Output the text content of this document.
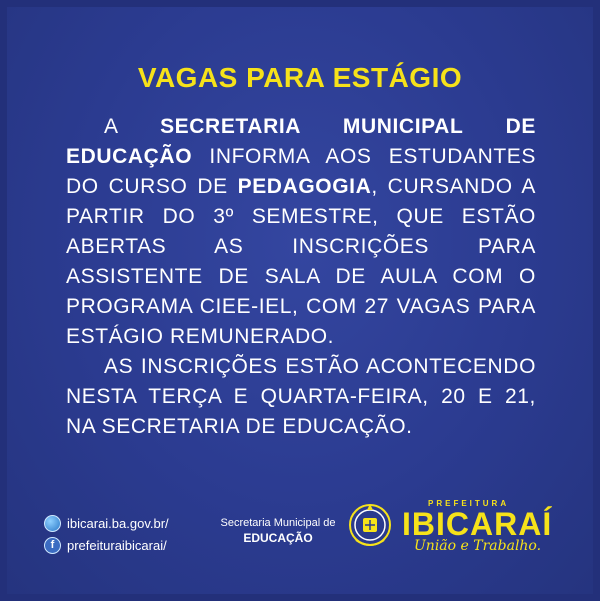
VAGAS PARA ESTÁGIO

A SECRETARIA MUNICIPAL DE EDUCAÇÃO INFORMA AOS ESTUDANTES DO CURSO DE PEDAGOGIA, CURSANDO A PARTIR DO 3º SEMESTRE, QUE ESTÃO ABERTAS AS INSCRIÇÕES PARA ASSISTENTE DE SALA DE AULA COM O PROGRAMA CIEE-IEL, COM 27 VAGAS PARA ESTÁGIO REMUNERADO.

AS INSCRIÇÕES ESTÃO ACONTECENDO NESTA TERÇA E QUARTA-FEIRA, 20 E 21, NA SECRETARIA DE EDUCAÇÃO.

ibicarai.ba.gov.br/
f prefeituraibicarai/
Secretaria Municipal de
EDUCAÇÃO
PREFEITURA
IBICARAÍ
União e Trabalho.
